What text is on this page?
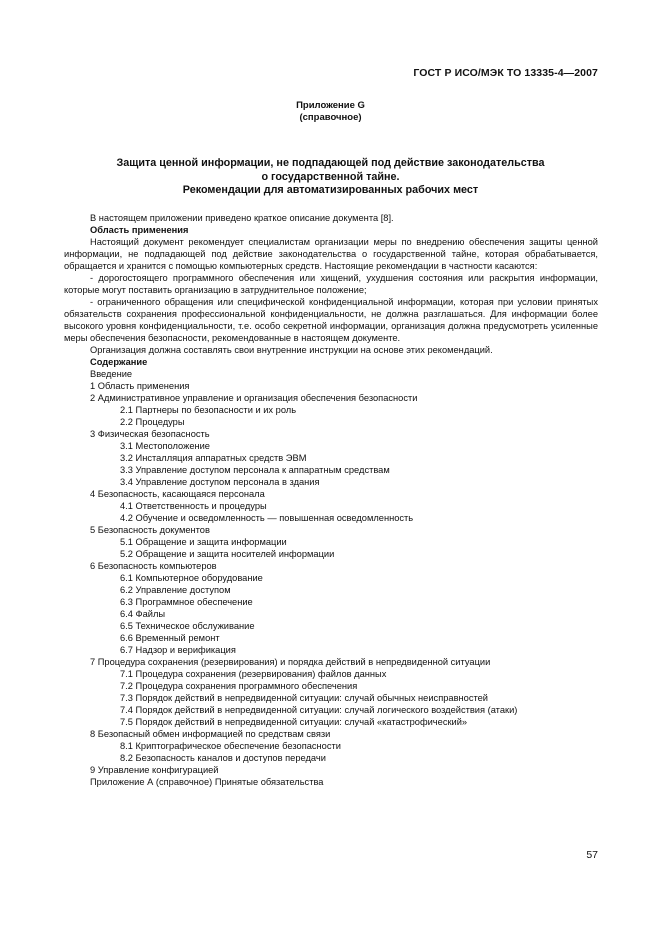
ГОСТ Р ИСО/МЭК ТО 13335-4—2007
Приложение G
(справочное)
Защита ценной информации, не подпадающей под действие законодательства
о государственной тайне.
Рекомендации для автоматизированных рабочих мест
В настоящем приложении приведено краткое описание документа [8].
Область применения
Настоящий документ рекомендует специалистам организации меры по внедрению обеспечения защиты ценной информации, не подпадающей под действие законодательства о государственной тайне, которая обрабатывается, обращается и хранится с помощью компьютерных средств. Настоящие рекомендации в частности касаются:
- дорогостоящего программного обеспечения или хищений, ухудшения состояния или раскрытия информации, которые могут поставить организацию в затруднительное положение;
- ограниченного обращения или специфической конфиденциальной информации, которая при условии принятых обязательств сохранения профессиональной конфиденциальности, не должна разглашаться. Для информации более высокого уровня конфиденциальности, т.е. особо секретной информации, организация должна предусмотреть усиленные меры обеспечения безопасности, рекомендованные в настоящем документе.
Организация должна составлять свои внутренние инструкции на основе этих рекомендаций.
Содержание
Введение
1 Область применения
2 Административное управление и организация обеспечения безопасности
2.1 Партнеры по безопасности и их роль
2.2 Процедуры
3 Физическая безопасность
3.1 Местоположение
3.2 Инсталляция аппаратных средств ЭВМ
3.3 Управление доступом персонала к аппаратным средствам
3.4 Управление доступом персонала в здания
4 Безопасность, касающаяся персонала
4.1 Ответственность и процедуры
4.2 Обучение и осведомленность — повышенная осведомленность
5 Безопасность документов
5.1 Обращение и защита информации
5.2 Обращение и защита носителей информации
6 Безопасность компьютеров
6.1 Компьютерное оборудование
6.2 Управление доступом
6.3 Программное обеспечение
6.4 Файлы
6.5 Техническое обслуживание
6.6 Временный ремонт
6.7 Надзор и верификация
7 Процедура сохранения (резервирования) и порядка действий в непредвиденной ситуации
7.1 Процедура сохранения (резервирования) файлов данных
7.2 Процедура сохранения программного обеспечения
7.3 Порядок действий в непредвиденной ситуации: случай обычных неисправностей
7.4 Порядок действий в непредвиденной ситуации: случай логического воздействия (атаки)
7.5 Порядок действий в непредвиденной ситуации: случай «катастрофический»
8 Безопасный обмен информацией по средствам связи
8.1 Криптографическое обеспечение безопасности
8.2 Безопасность каналов и доступов передачи
9 Управление конфигурацией
Приложение А (справочное) Принятые обязательства
57
